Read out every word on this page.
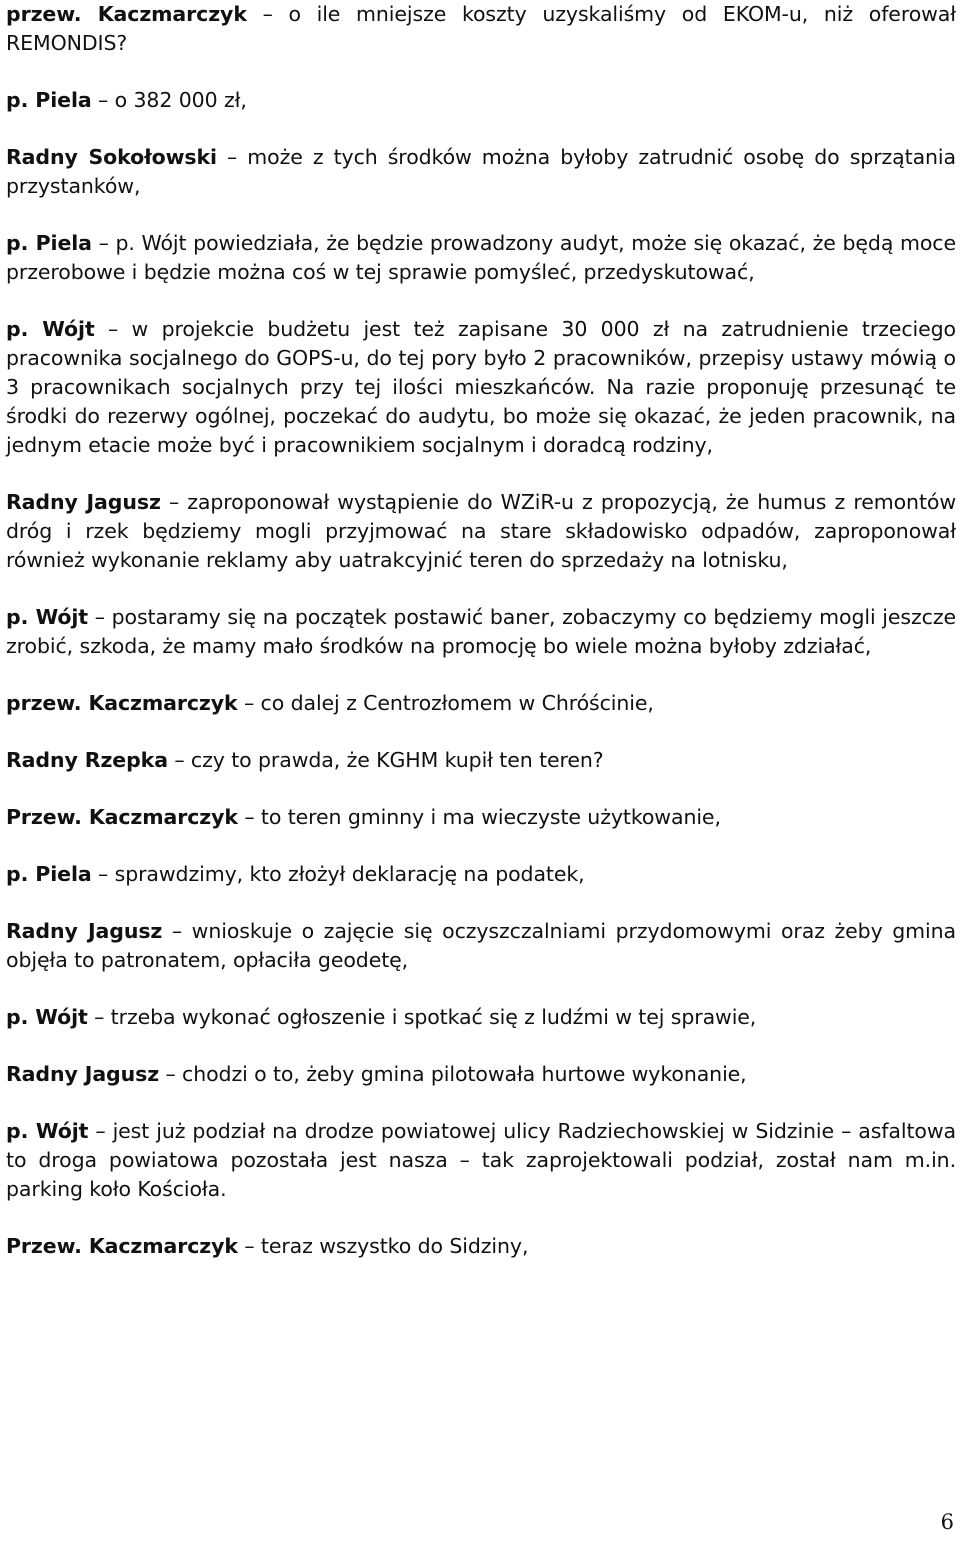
przew. Kaczmarczyk – o ile mniejsze koszty uzyskaliśmy od EKOM-u, niż oferował REMONDIS?

p. Piela – o 382 000 zł,

Radny Sokołowski – może z tych środków można byłoby zatrudnić osobę do sprzątania przystanków,

p. Piela – p. Wójt powiedziała, że będzie prowadzony audyt, może się okazać, że będą moce przerobowe i będzie można coś w tej sprawie pomyśleć, przedyskutować,

p. Wójt – w projekcie budżetu jest też zapisane 30 000 zł na zatrudnienie trzeciego pracownika socjalnego do GOPS-u, do tej pory było 2 pracowników, przepisy ustawy mówią o 3 pracownikach socjalnych przy tej ilości mieszkańców. Na razie proponuję przesunąć te środki do rezerwy ogólnej, poczekać do audytu, bo może się okazać, że jeden pracownik, na jednym etacie może być i pracownikiem socjalnym i doradcą rodziny,

Radny Jagusz – zaproponował wystąpienie do WZiR-u z propozycją, że humus z remontów dróg i rzek będziemy mogli przyjmować na stare składowisko odpadów, zaproponował również wykonanie reklamy aby uatrakcyjnić teren do sprzedaży na lotnisku,

p. Wójt – postaramy się na początek postawić baner, zobaczymy co będziemy mogli jeszcze zrobić, szkoda, że mamy mało środków na promocję bo wiele można byłoby zdziałać,

przew. Kaczmarczyk – co dalej z Centrozłomem w Chróścinie,

Radny Rzepka – czy to prawda, że KGHM kupił ten teren?

Przew. Kaczmarczyk – to teren gminny i ma wieczyste użytkowanie,

p. Piela – sprawdzimy, kto złożył deklarację na podatek,

Radny Jagusz – wnioskuje o zajęcie się oczyszczalniami przydomowymi oraz żeby gmina objęła to patronatem, opłaciła geodetę,

p. Wójt – trzeba wykonać ogłoszenie i spotkać się z ludźmi w tej sprawie,

Radny Jagusz – chodzi o to, żeby gmina pilotowała hurtowe wykonanie,

p. Wójt – jest już podział na drodze powiatowej ulicy Radziechowskiej w Sidzinie – asfaltowa to droga powiatowa pozostała jest nasza – tak zaprojektowali podział, został nam m.in. parking koło Kościoła.

Przew. Kaczmarczyk – teraz wszystko do Sidziny,

6
